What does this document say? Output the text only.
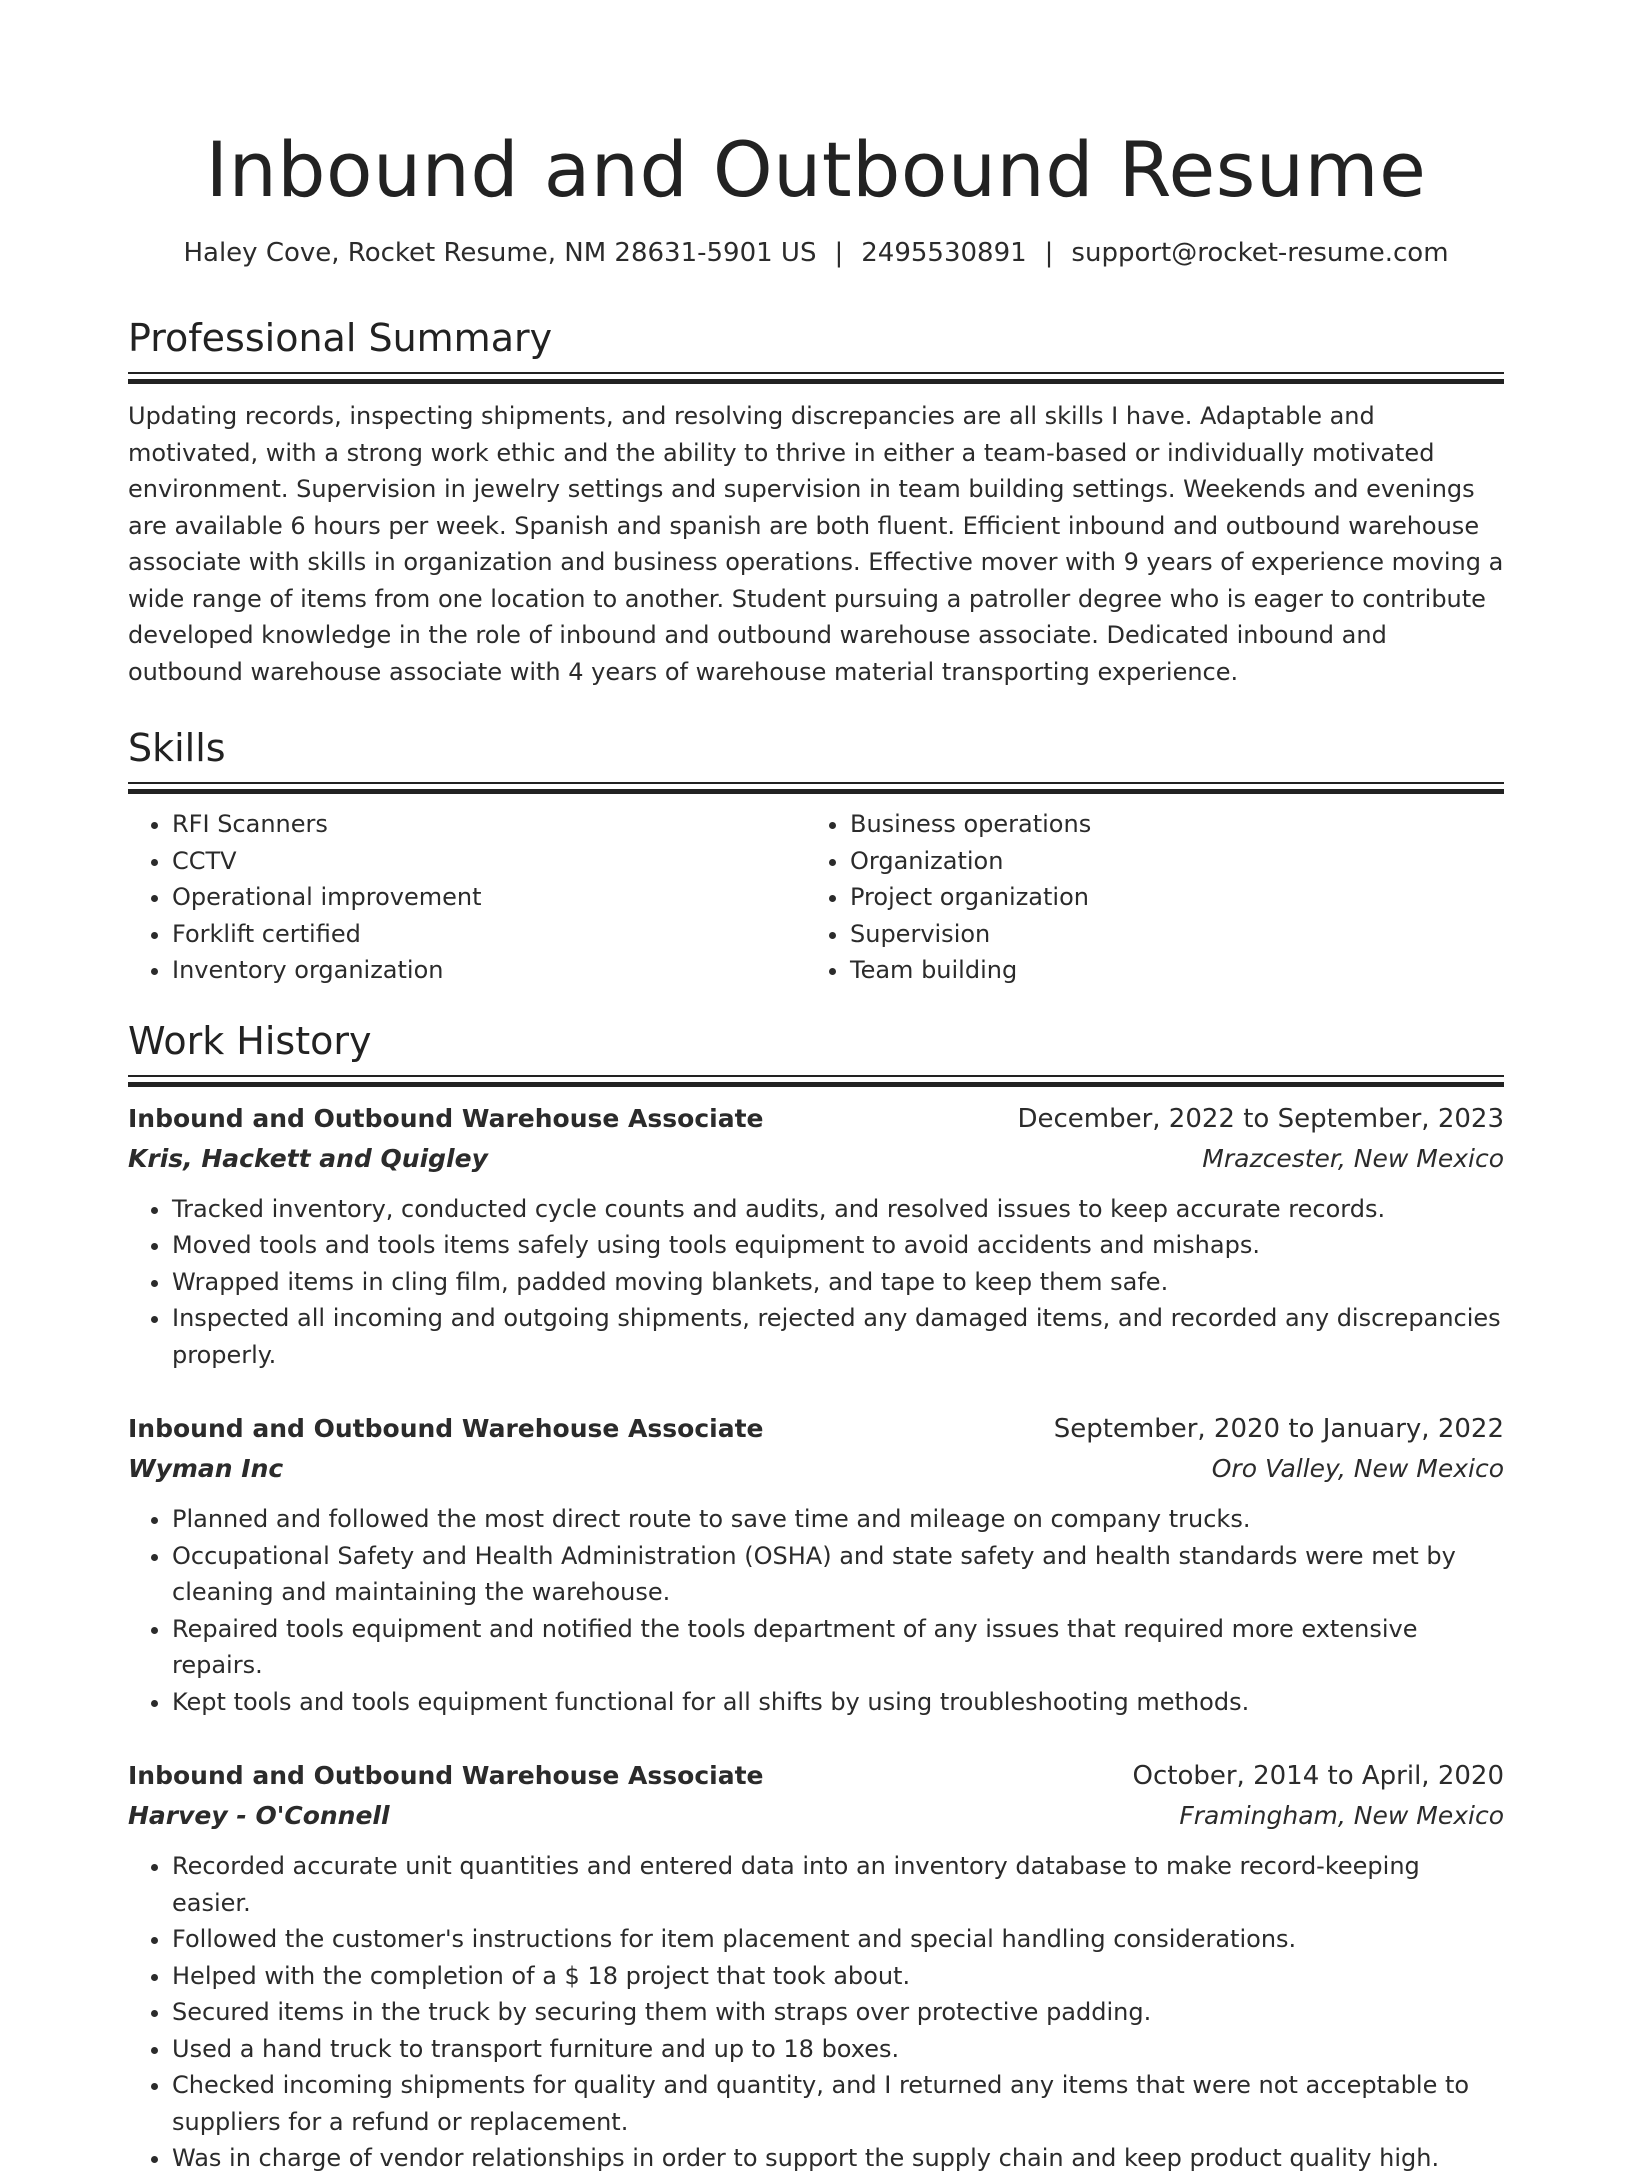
Inbound and Outbound Resume
Haley Cove, Rocket Resume, NM 28631-5901 US | 2495530891 | support@rocket-resume.com
Professional Summary
Updating records, inspecting shipments, and resolving discrepancies are all skills I have. Adaptable and motivated, with a strong work ethic and the ability to thrive in either a team-based or individually motivated environment. Supervision in jewelry settings and supervision in team building settings. Weekends and evenings are available 6 hours per week. Spanish and spanish are both fluent. Efficient inbound and outbound warehouse associate with skills in organization and business operations. Effective mover with 9 years of experience moving a wide range of items from one location to another. Student pursuing a patroller degree who is eager to contribute developed knowledge in the role of inbound and outbound warehouse associate. Dedicated inbound and outbound warehouse associate with 4 years of warehouse material transporting experience.
Skills
• RFI Scanners
• CCTV
• Operational improvement
• Forklift certified
• Inventory organization
• Business operations
• Organization
• Project organization
• Supervision
• Team building
Work History
Inbound and Outbound Warehouse Associate	December, 2022 to September, 2023
Kris, Hackett and Quigley	Mrazcester, New Mexico
• Tracked inventory, conducted cycle counts and audits, and resolved issues to keep accurate records.
• Moved tools and tools items safely using tools equipment to avoid accidents and mishaps.
• Wrapped items in cling film, padded moving blankets, and tape to keep them safe.
• Inspected all incoming and outgoing shipments, rejected any damaged items, and recorded any discrepancies properly.
Inbound and Outbound Warehouse Associate	September, 2020 to January, 2022
Wyman Inc	Oro Valley, New Mexico
• Planned and followed the most direct route to save time and mileage on company trucks.
• Occupational Safety and Health Administration (OSHA) and state safety and health standards were met by cleaning and maintaining the warehouse.
• Repaired tools equipment and notified the tools department of any issues that required more extensive repairs.
• Kept tools and tools equipment functional for all shifts by using troubleshooting methods.
Inbound and Outbound Warehouse Associate	October, 2014 to April, 2020
Harvey - O'Connell	Framingham, New Mexico
• Recorded accurate unit quantities and entered data into an inventory database to make record-keeping easier.
• Followed the customer's instructions for item placement and special handling considerations.
• Helped with the completion of a $ 18 project that took about.
• Secured items in the truck by securing them with straps over protective padding.
• Used a hand truck to transport furniture and up to 18 boxes.
• Checked incoming shipments for quality and quantity, and I returned any items that were not acceptable to suppliers for a refund or replacement.
• Was in charge of vendor relationships in order to support the supply chain and keep product quality high.
